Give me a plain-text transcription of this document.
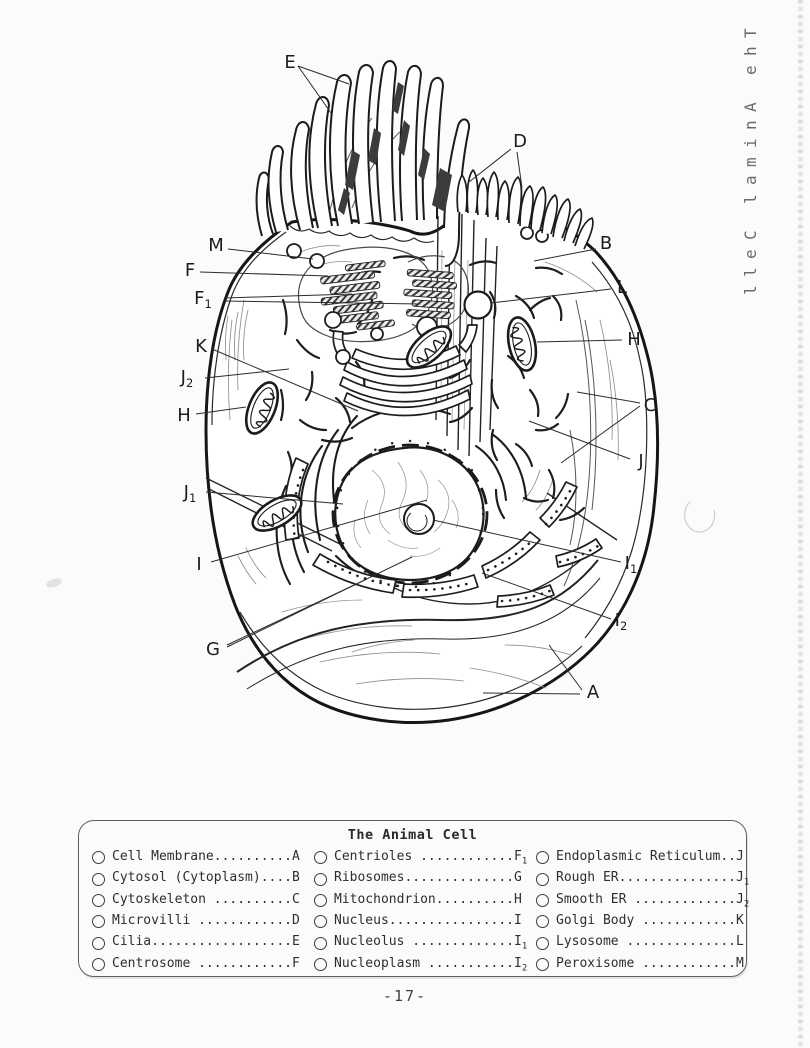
E
D
M
F
$F_1$
K
$J_2$
H
$J_1$
I
G
B
L
H
C
J
$I_1$
$I_2$
A
The Animal Cell
Cell Membrane..........A
Cytosol (Cytoplasm)....B
Cytoskeleton ..........C
Microvilli ............D
Cilia..................E
Centrosome ............F
Centrioles $............F_1$
Ribosomes..............G
Mitochondrion..........H
Nucleus................I
Nucleolus $.............I_1$
Nucleoplasm $...........I_2$
Endoplasmic Reticulum..J
Rough $ER...............J_1$
Smooth ER $.............J_2$
Golgi Body ............K
Lysosome ..............L
Peroxisome ............M
T
h
e
A
n
i
m
a
l
C
e
l
l
-17-
